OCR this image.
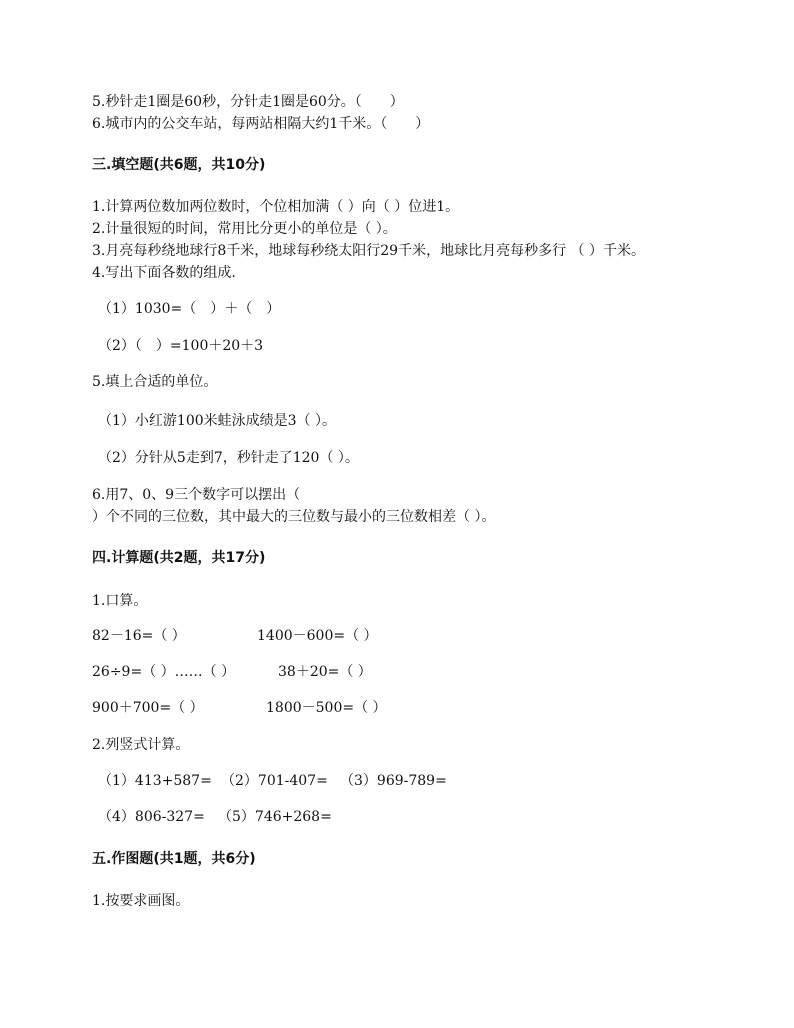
5.秒针走1圈是60秒，分针走1圈是60分。（　　）
6.城市内的公交车站，每两站相隔大约1千米。（　　）
三.填空题(共6题，共10分)
1.计算两位数加两位数时，个位相加满（ ）向（ ）位进1。
2.计量很短的时间，常用比分更小的单位是（ ）。
3.月亮每秒绕地球行8千米，地球每秒绕太阳行29千米，地球比月亮每秒多行 （ ）千米。
4.写出下面各数的组成.
（1）1030=（　）＋（　）
（2）（　）=100＋20＋3
5.填上合适的单位。
（1）小红游100米蛙泳成绩是3（ ）。
（2）分针从5走到7，秒针走了120（ ）。
6.用7、0、9三个数字可以摆出（
）个不同的三位数，其中最大的三位数与最小的三位数相差（ ）。
四.计算题(共2题，共17分)
1.口算。
82－16=（ ）	1400－600=（ ）
26÷9=（ ）……（ ）	38＋20=（ ）
900＋700=（ ）	1800－500=（ ）
2.列竖式计算。
（1）413+587= （2）701-407= （3）969-789=
（4）806-327= （5）746+268=
五.作图题(共1题，共6分)
1.按要求画图。
